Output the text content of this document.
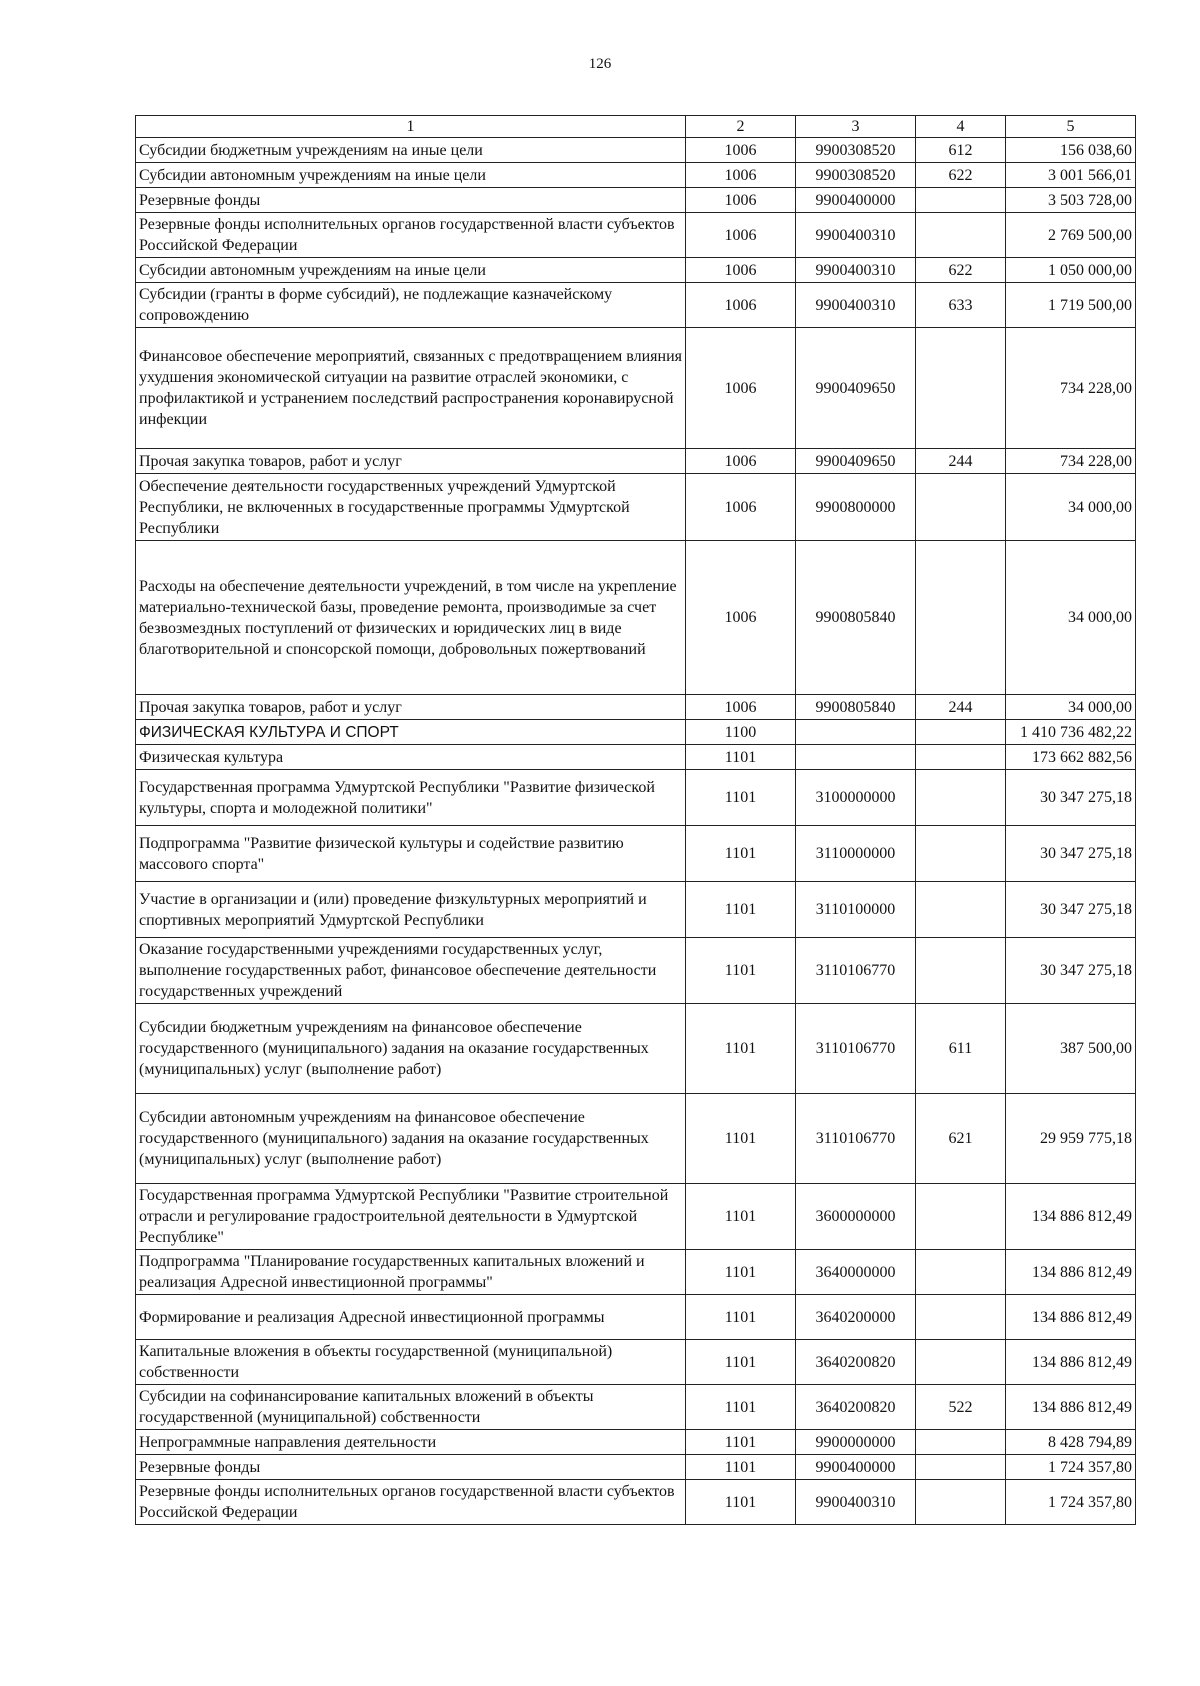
126
1	2	3	4	5
Субсидии бюджетным учреждениям на иные цели	1006	9900308520	612	156 038,60
Субсидии автономным учреждениям на иные цели	1006	9900308520	622	3 001 566,01
Резервные фонды	1006	9900400000		3 503 728,00
Резервные фонды исполнительных органов государственной власти субъектов Российской Федерации	1006	9900400310		2 769 500,00
Субсидии автономным учреждениям на иные цели	1006	9900400310	622	1 050 000,00
Субсидии (гранты в форме субсидий), не подлежащие казначейскому сопровождению	1006	9900400310	633	1 719 500,00
Финансовое обеспечение мероприятий, связанных с предотвращением влияния ухудшения экономической ситуации на развитие отраслей экономики, с профилактикой и устранением последствий распространения коронавирусной инфекции	1006	9900409650		734 228,00
Прочая закупка товаров, работ и услуг	1006	9900409650	244	734 228,00
Обеспечение деятельности государственных учреждений Удмуртской Республики, не включенных в государственные программы Удмуртской Республики	1006	9900800000		34 000,00
Расходы на обеспечение деятельности учреждений, в том числе на укрепление материально-технической базы, проведение ремонта, производимые за счет безвозмездных поступлений от физических и юридических лиц в виде благотворительной и спонсорской помощи, добровольных пожертвований	1006	9900805840		34 000,00
Прочая закупка товаров, работ и услуг	1006	9900805840	244	34 000,00
ФИЗИЧЕСКАЯ КУЛЬТУРА И СПОРТ	1100			1 410 736 482,22
Физическая культура	1101			173 662 882,56
Государственная программа Удмуртской Республики "Развитие физической культуры, спорта и молодежной политики"	1101	3100000000		30 347 275,18
Подпрограмма "Развитие физической культуры и содействие развитию массового спорта"	1101	3110000000		30 347 275,18
Участие в организации и (или) проведение физкультурных мероприятий и спортивных мероприятий Удмуртской Республики	1101	3110100000		30 347 275,18
Оказание государственными учреждениями государственных услуг, выполнение государственных работ, финансовое обеспечение деятельности государственных учреждений	1101	3110106770		30 347 275,18
Субсидии бюджетным учреждениям на финансовое обеспечение государственного (муниципального) задания на оказание государственных (муниципальных) услуг (выполнение работ)	1101	3110106770	611	387 500,00
Субсидии автономным учреждениям на финансовое обеспечение государственного (муниципального) задания на оказание государственных (муниципальных) услуг (выполнение работ)	1101	3110106770	621	29 959 775,18
Государственная программа Удмуртской Республики "Развитие строительной отрасли и регулирование градостроительной деятельности в Удмуртской Республике"	1101	3600000000		134 886 812,49
Подпрограмма "Планирование государственных капитальных вложений и реализация Адресной инвестиционной программы"	1101	3640000000		134 886 812,49
Формирование и реализация Адресной инвестиционной программы	1101	3640200000		134 886 812,49
Капитальные вложения в объекты государственной (муниципальной) собственности	1101	3640200820		134 886 812,49
Субсидии на софинансирование капитальных вложений в объекты государственной (муниципальной) собственности	1101	3640200820	522	134 886 812,49
Непрограммные направления деятельности	1101	9900000000		8 428 794,89
Резервные фонды	1101	9900400000		1 724 357,80
Резервные фонды исполнительных органов государственной власти субъектов Российской Федерации	1101	9900400310		1 724 357,80
